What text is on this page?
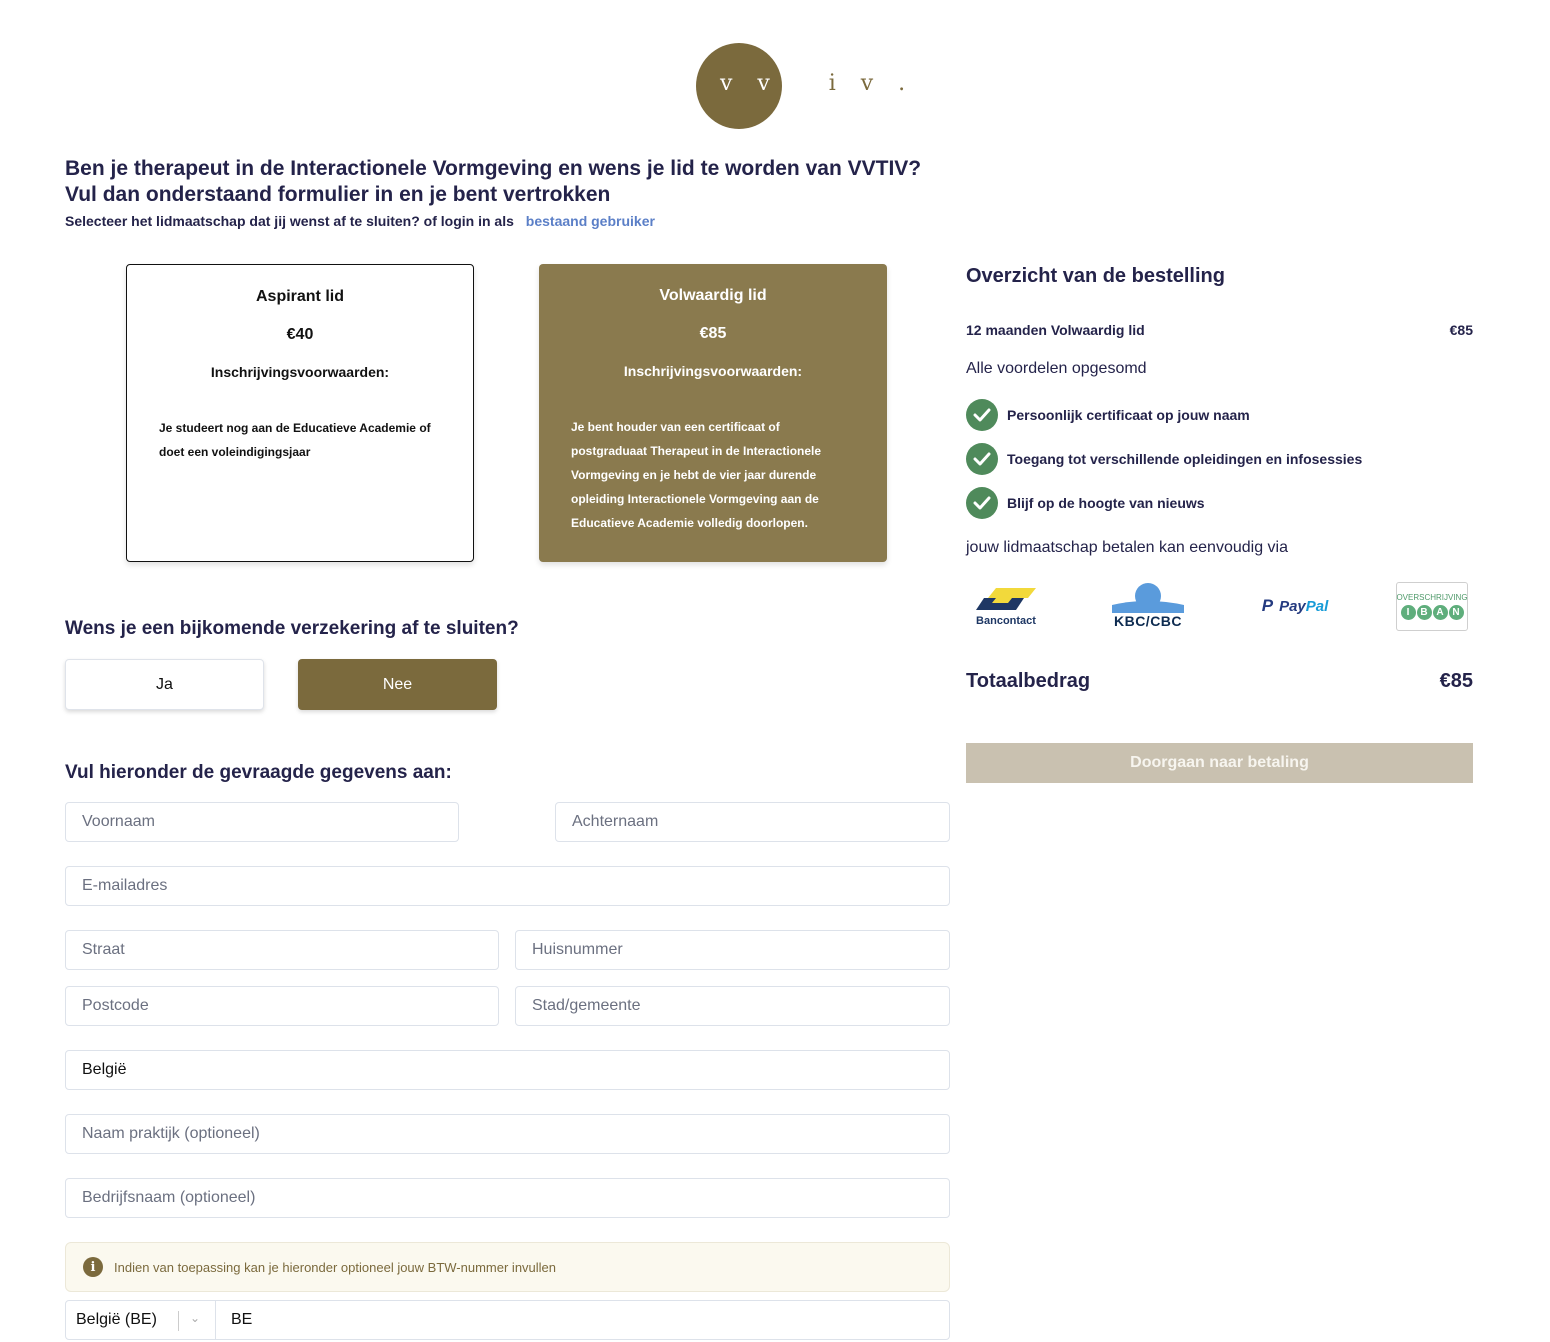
v v t i v .
Ben je therapeut in de Interactionele Vormgeving en wens je lid te worden van VVTIV?
Vul dan onderstaand formulier in en je bent vertrokken
Selecteer het lidmaatschap dat jij wenst af te sluiten? of login in als bestaand gebruiker
Aspirant lid
€40
Inschrijvingsvoorwaarden:
Je studeert nog aan de Educatieve Academie of doet een voleindigingsjaar
Volwaardig lid
€85
Inschrijvingsvoorwaarden:
Je bent houder van een certificaat of postgraduaat Therapeut in de Interactionele Vormgeving en je hebt de vier jaar durende opleiding Interactionele Vormgeving aan de Educatieve Academie volledig doorlopen.
Wens je een bijkomende verzekering af te sluiten?
Ja	Nee
Vul hieronder de gevraagde gegevens aan:
Voornaam	Achternaam
E-mailadres
Straat	Huisnummer
Postcode	Stad/gemeente
België
Naam praktijk (optioneel)
Bedrijfsnaam (optioneel)
i	Indien van toepassing kan je hieronder optioneel jouw BTW-nummer invullen
België (BE)	⌄	BE
Overzicht van de bestelling
12 maanden Volwaardig lid	€85
Alle voordelen opgesomd
Persoonlijk certificaat op jouw naam
Toegang tot verschillende opleidingen en infosessies
Blijf op de hoogte van nieuws
jouw lidmaatschap betalen kan eenvoudig via
Bancontact	KBC/CBC
P Pay Pal	OVERSCHRIJVING
I	B A N
Totaalbedrag	€85
Doorgaan naar betaling
